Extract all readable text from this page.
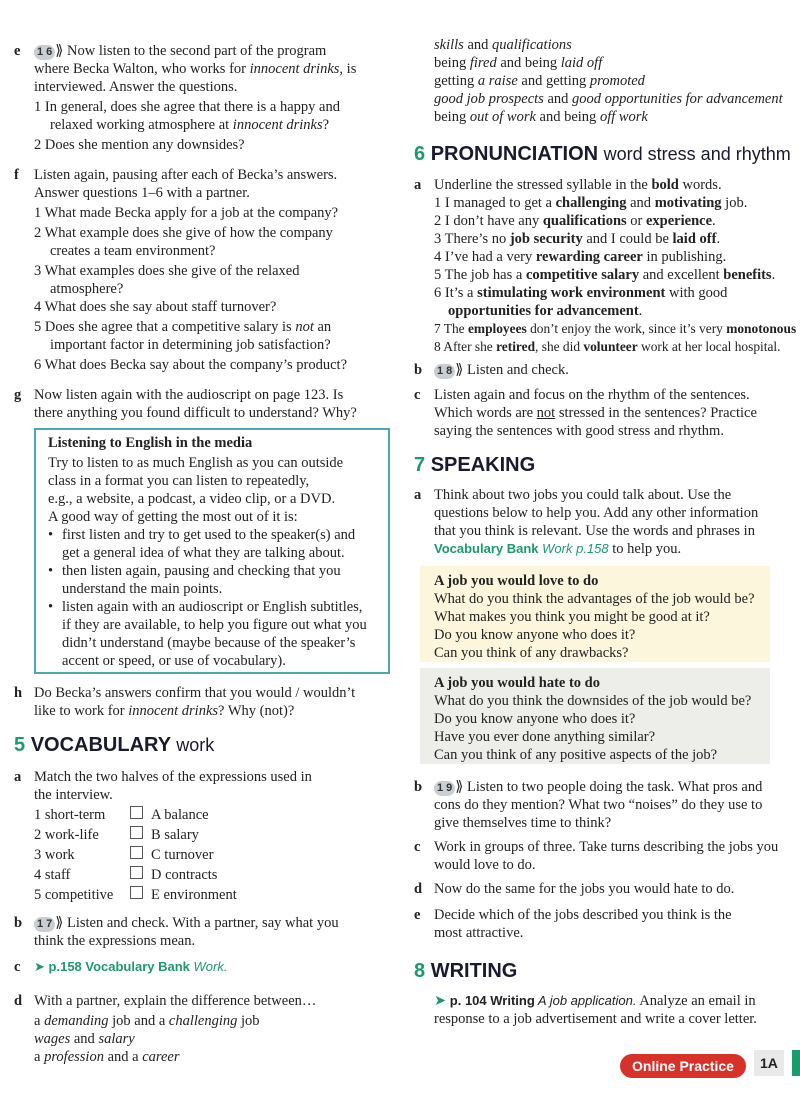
e 1 6 ⟫ Now listen to the second part of the program
where Becka Walton, who works for innocent drinks, is
interviewed. Answer the questions.
1 In general, does she agree that there is a happy and
relaxed working atmosphere at innocent drinks?
2 Does she mention any downsides?
f Listen again, pausing after each of Becka’s answers.
Answer questions 1–6 with a partner.
1 What made Becka apply for a job at the company?
2 What example does she give of how the company
creates a team environment?
3 What examples does she give of the relaxed
atmosphere?
4 What does she say about staff turnover?
5 Does she agree that a competitive salary is not an
important factor in determining job satisfaction?
6 What does Becka say about the company’s product?
g Now listen again with the audioscript on page 123. Is
there anything you found difficult to understand? Why?
Listening to English in the media
Try to listen to as much English as you can outside
class in a format you can listen to repeatedly,
e.g., a website, a podcast, a video clip, or a DVD.
A good way of getting the most out of it is:
• first listen and try to get used to the speaker(s) and
get a general idea of what they are talking about.
• then listen again, pausing and checking that you
understand the main points.
• listen again with an audioscript or English subtitles,
if they are available, to help you figure out what you
didn’t understand (maybe because of the speaker’s
accent or speed, or use of vocabulary).
h Do Becka’s answers confirm that you would / wouldn’t
like to work for innocent drinks? Why (not)?
5 VOCABULARY work
a Match the two halves of the expressions used in
the interview.
1 short-term	A balance
2 work-life	B salary
3 work	C turnover
4 staff	D contracts
5 competitive	E environment
b 1 7 ⟫ Listen and check. With a partner, say what you
think the expressions mean.
c ➤ p.158 Vocabulary Bank Work.
d With a partner, explain the difference between…
a demanding job and a challenging job
wages and salary
a profession and a career
skills and qualifications
being fired and being laid off
getting a raise and getting promoted
good job prospects and good opportunities for advancement
being out of work and being off work
6 PRONUNCIATION word stress and rhythm
a Underline the stressed syllable in the bold words.
1 I managed to get a challenging and motivating job.
2 I don’t have any qualifications or experience.
3 There’s no job security and I could be laid off.
4 I’ve had a very rewarding career in publishing.
5 The job has a competitive salary and excellent benefits.
6 It’s a stimulating work environment with good
opportunities for advancement.
7 The employees don’t enjoy the work, since it’s very monotonous
8 After she retired, she did volunteer work at her local hospital.
b 1 8 ⟫ Listen and check.
c Listen again and focus on the rhythm of the sentences.
Which words are not stressed in the sentences? Practice
saying the sentences with good stress and rhythm.
7 SPEAKING
a Think about two jobs you could talk about. Use the
questions below to help you. Add any other information
that you think is relevant. Use the words and phrases in
Vocabulary Bank Work p.158 to help you.
A job you would love to do
What do you think the advantages of the job would be?
What makes you think you might be good at it?
Do you know anyone who does it?
Can you think of any drawbacks?
A job you would hate to do
What do you think the downsides of the job would be?
Do you know anyone who does it?
Have you ever done anything similar?
Can you think of any positive aspects of the job?
b 1 9 ⟫ Listen to two people doing the task. What pros and
cons do they mention? What two “noises” do they use to
give themselves time to think?
c Work in groups of three. Take turns describing the jobs you
would love to do.
d Now do the same for the jobs you would hate to do.
e Decide which of the jobs described you think is the
most attractive.
8 WRITING
➤ p. 104 Writing A job application. Analyze an email in
response to a job advertisement and write a cover letter.
Online Practice	1A
